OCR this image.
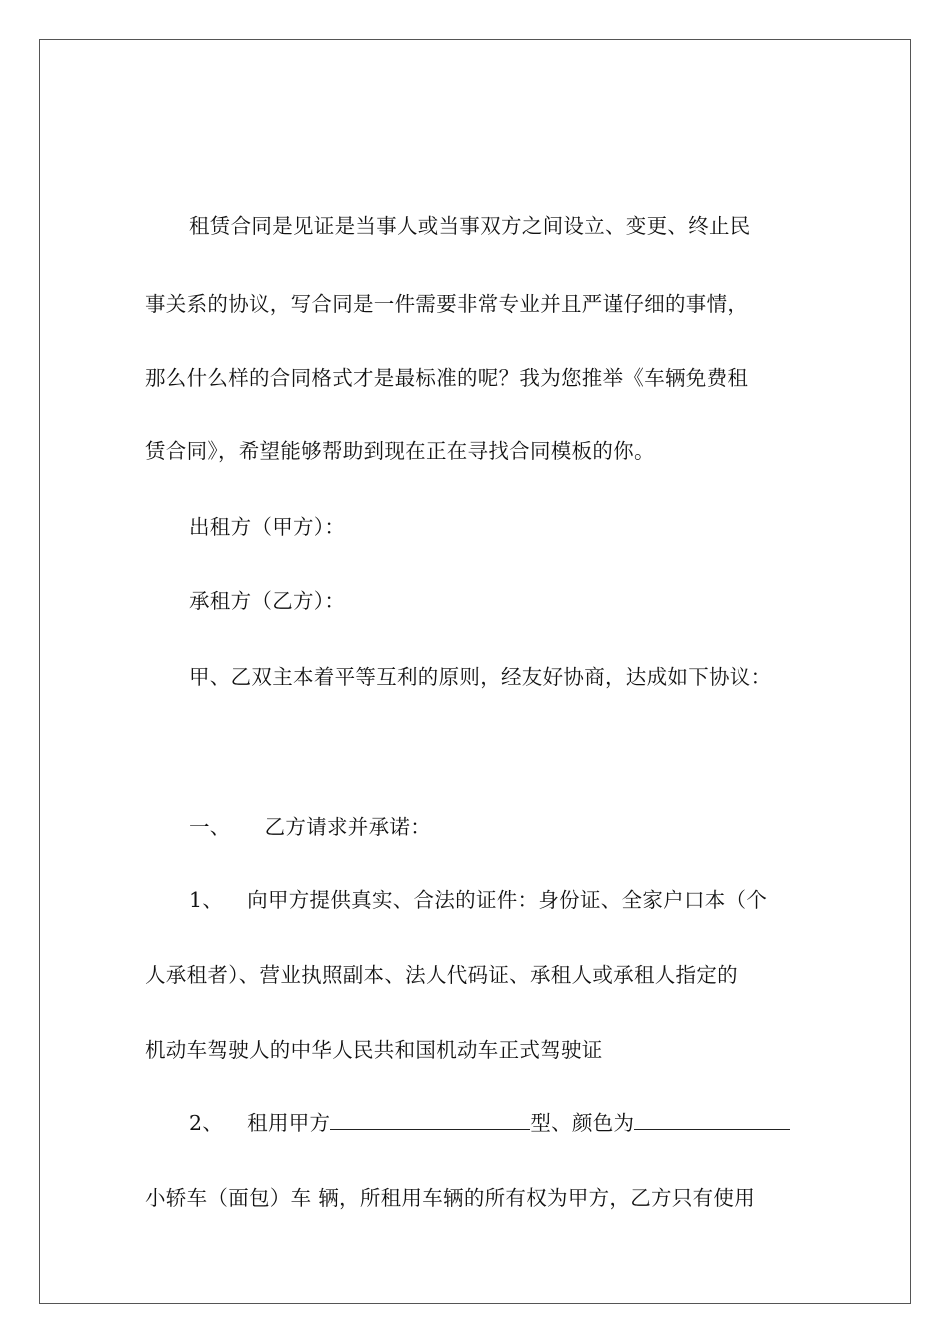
租赁合同是见证是当事人或当事双方之间设立、变更、终止民
事关系的协议，写合同是一件需要非常专业并且严谨仔细的事情，
那么什么样的合同格式才是最标准的呢？我为您推举《车辆免费租
赁合同》，希望能够帮助到现在正在寻找合同模板的你。
出租方（甲方）：
承租方（乙方）：
甲、乙双主本着平等互利的原则，经友好协商，达成如下协议：
一、 乙方请求并承诺：
1、 向甲方提供真实、合法的证件：身份证、全家户口本（个
人承租者）、营业执照副本、法人代码证、承租人或承租人指定的
机动车驾驶人的中华人民共和国机动车正式驾驶证
2、 租用甲方	型、颜色为
小轿车（面包）车 辆，所租用车辆的所有权为甲方，乙方只有使用
